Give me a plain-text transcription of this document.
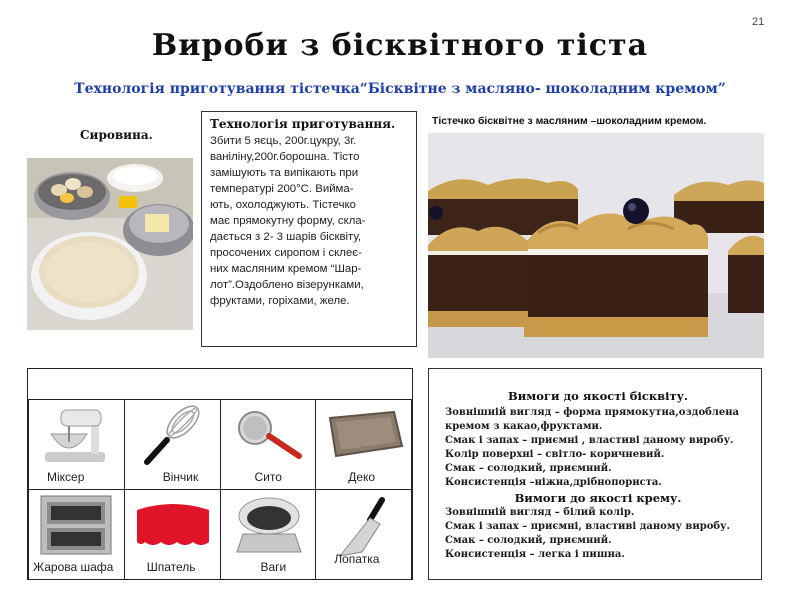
21
Вироби з бісквітного тіста
Технологія приготування тістечка“Бісквітне з масляно- шоколадним кремом”
Сировина.
Технологія приготування.
Збити 5 яєць, 200г.цукру, 3г.
ваніліну,200г.борошна. Тісто
замішують та випікають при
температурі 200°С. Вийма-
ють, охолоджують. Тістечко
має прямокутну форму, скла-
дається з 2- 3 шарів бісквіту,
просочених сиропом і склеє-
них масляним кремом “Шар-
лот”.Оздоблено візерунками,
фруктами, горіхами, желе.
Тістечко бісквітне з масляним –шоколадним кремом.
Міксер	Вінчик	Сито	Деко

Жарова шафа	Шпатель	Ваги	Лопатка
Вимоги до якості бісквіту.
Зовнішній вигляд – форма прямокутна,оздоблена
кремом з какао,фруктами.
Смак і запах – приємні , властиві даному виробу.
Колір поверхні – світло- коричневий.
Смак – солодкий, приємний.
Консистенція –ніжна,дрібнопориста.
Вимоги до якості крему.
Зовнішній вигляд – білий колір.
Смак і запах – приємні, властиві даному виробу.
Смак – солодкий, приємний.
Консистенція – легка і пишна.
